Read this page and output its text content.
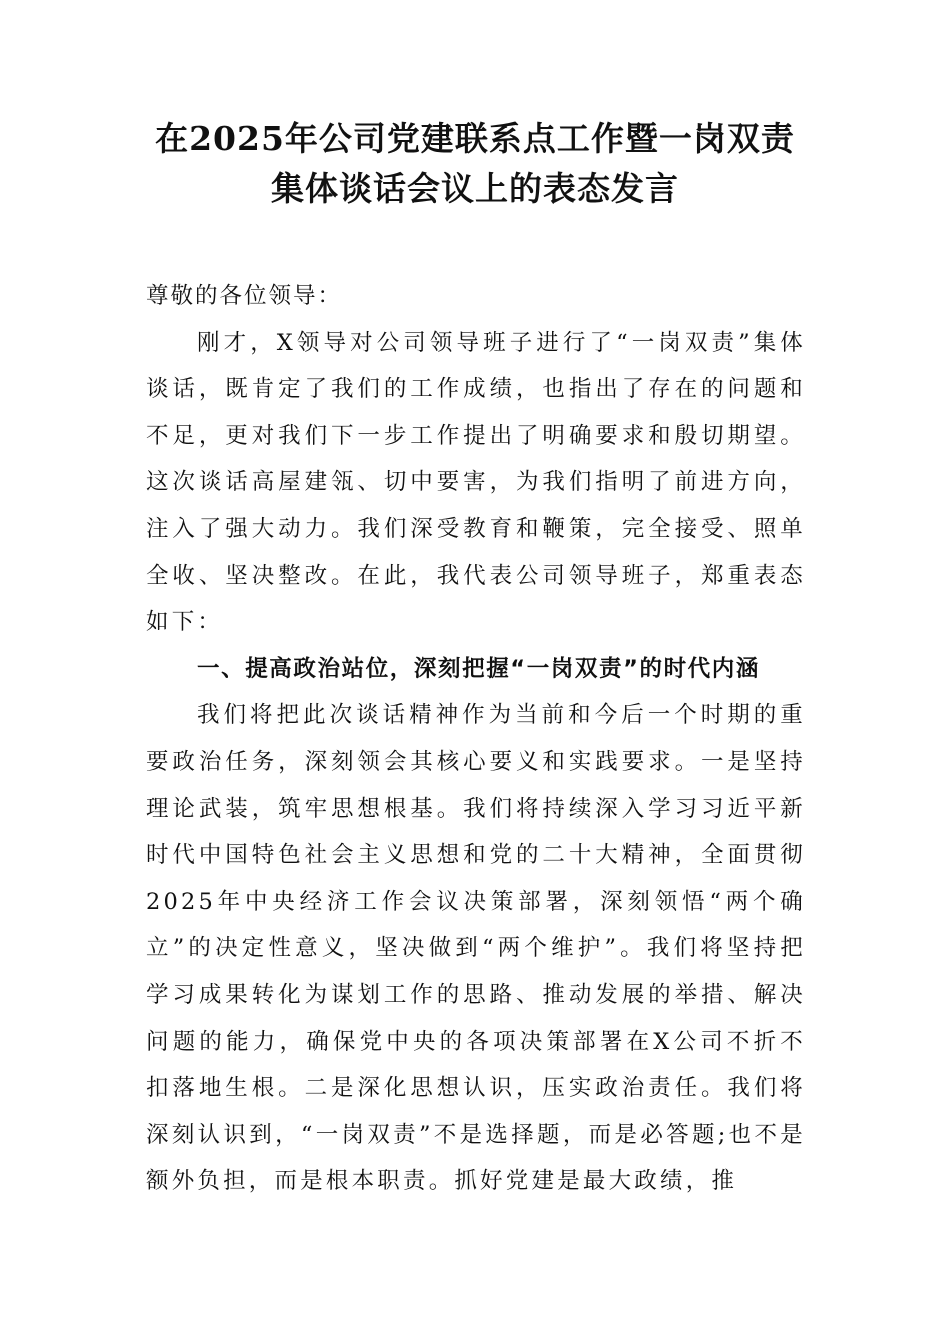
在2025年公司党建联系点工作暨一岗双责
集体谈话会议上的表态发言

尊敬的各位领导：

刚才，X领导对公司领导班子进行了“一岗双责”集体谈话，既肯定了我们的工作成绩，也指出了存在的问题和不足，更对我们下一步工作提出了明确要求和殷切期望。这次谈话高屋建瓴、切中要害，为我们指明了前进方向，注入了强大动力。我们深受教育和鞭策，完全接受、照单全收、坚决整改。在此，我代表公司领导班子，郑重表态如下：

一、提高政治站位，深刻把握“一岗双责”的时代内涵

我们将把此次谈话精神作为当前和今后一个时期的重要政治任务，深刻领会其核心要义和实践要求。一是坚持理论武装，筑牢思想根基。我们将持续深入学习习近平新时代中国特色社会主义思想和党的二十大精神，全面贯彻2025年中央经济工作会议决策部署，深刻领悟“两个确立”的决定性意义，坚决做到“两个维护”。我们将坚持把学习成果转化为谋划工作的思路、推动发展的举措、解决问题的能力，确保党中央的各项决策部署在X公司不折不扣落地生根。二是深化思想认识，压实政治责任。我们将深刻认识到，“一岗双责”不是选择题，而是必答题;也不是额外负担，而是根本职责。抓好党建是最大政绩，推
